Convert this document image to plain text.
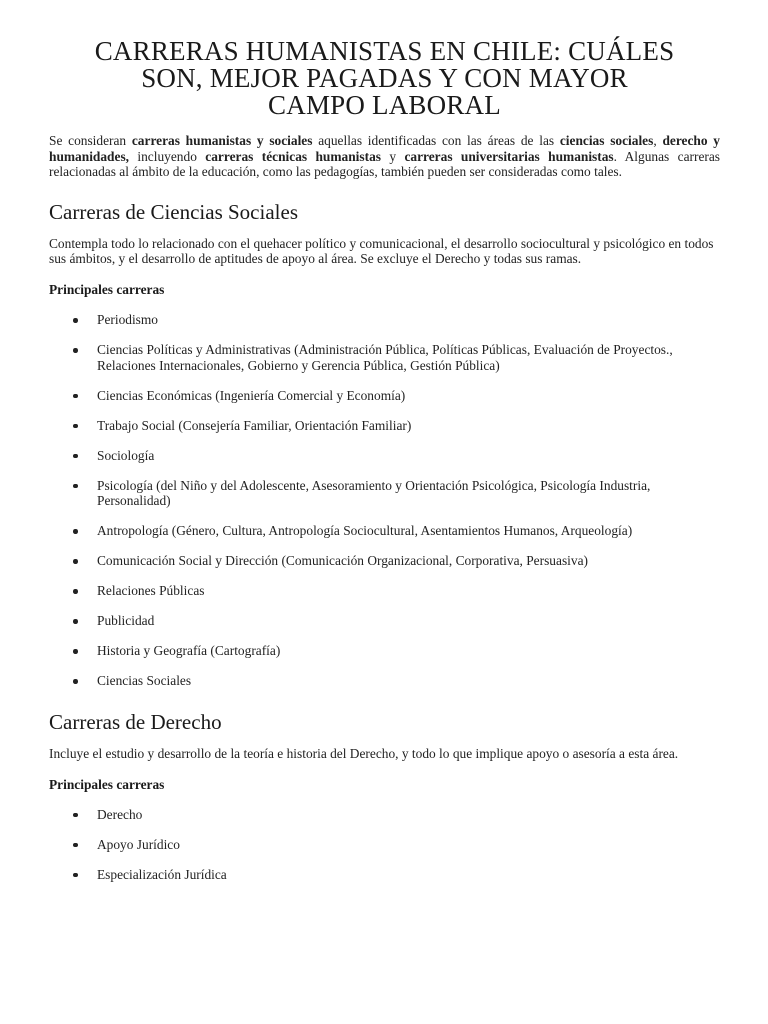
CARRERAS HUMANISTAS EN CHILE: CUÁLES
SON, MEJOR PAGADAS Y CON MAYOR
CAMPO LABORAL

Se consideran carreras humanistas y sociales aquellas identificadas con las áreas de las ciencias sociales, derecho y humanidades, incluyendo carreras técnicas humanistas y carreras universitarias humanistas. Algunas carreras relacionadas al ámbito de la educación, como las pedagogías, también pueden ser consideradas como tales.

Carreras de Ciencias Sociales

Contempla todo lo relacionado con el quehacer político y comunicacional, el desarrollo sociocultural y psicológico en todos sus ámbitos, y el desarrollo de aptitudes de apoyo al área. Se excluye el Derecho y todas sus ramas.

Principales carreras
Periodismo
Ciencias Políticas y Administrativas (Administración Pública, Políticas Públicas, Evaluación de Proyectos., Relaciones Internacionales, Gobierno y Gerencia Pública, Gestión Pública)
Ciencias Económicas (Ingeniería Comercial y Economía)
Trabajo Social (Consejería Familiar, Orientación Familiar)
Sociología
Psicología (del Niño y del Adolescente, Asesoramiento y Orientación Psicológica, Psicología Industria, Personalidad)
Antropología (Género, Cultura, Antropología Sociocultural, Asentamientos Humanos, Arqueología)
Comunicación Social y Dirección (Comunicación Organizacional, Corporativa, Persuasiva)
Relaciones Públicas
Publicidad
Historia y Geografía (Cartografía)
Ciencias Sociales
Carreras de Derecho

Incluye el estudio y desarrollo de la teoría e historia del Derecho, y todo lo que implique apoyo o asesoría a esta área.

Principales carreras
Derecho
Apoyo Jurídico
Especialización Jurídica
